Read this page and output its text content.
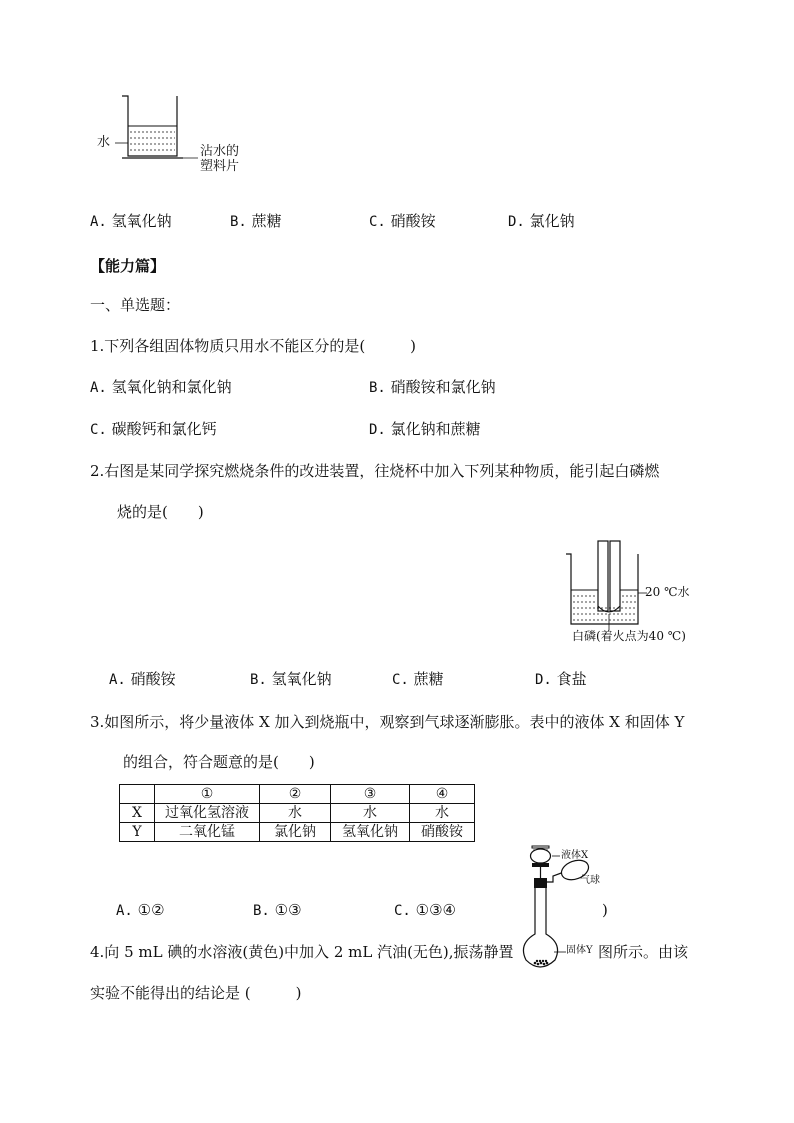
水
沾水的
塑料片
A. 氢氧化钠	B. 蔗糖	C. 硝酸铵	D. 氯化钠
【能力篇】
一、单选题：
1.下列各组固体物质只用水不能区分的是(　　　)
A. 氢氧化钠和氯化钠	B. 硝酸铵和氯化钠
C. 碳酸钙和氯化钙	D. 氯化钠和蔗糖
2.右图是某同学探究燃烧条件的改进装置，往烧杯中加入下列某种物质，能引起白磷燃
烧的是(　　)
20 ℃水
白磷(着火点为40 ℃)
A. 硝酸铵	B. 氢氧化钠	C. 蔗糖	D. 食盐
3.如图所示，将少量液体 X 加入到烧瓶中，观察到气球逐渐膨胀。表中的液体 X 和固体 Y
的组合，符合题意的是(　　)
	①	②	③	④
X	过氧化氢溶液	水	水	水
Y	二氧化锰	氯化钠	氢氧化钠	硝酸铵
A. ①②	B. ①③	C. ①③④	)
4.向 5 mL 碘的水溶液(黄色)中加入 2 mL 汽油(无色),振荡静置	图所示。由该
实验不能得出的结论是 (　　　)
液体X
气球
固体Y
